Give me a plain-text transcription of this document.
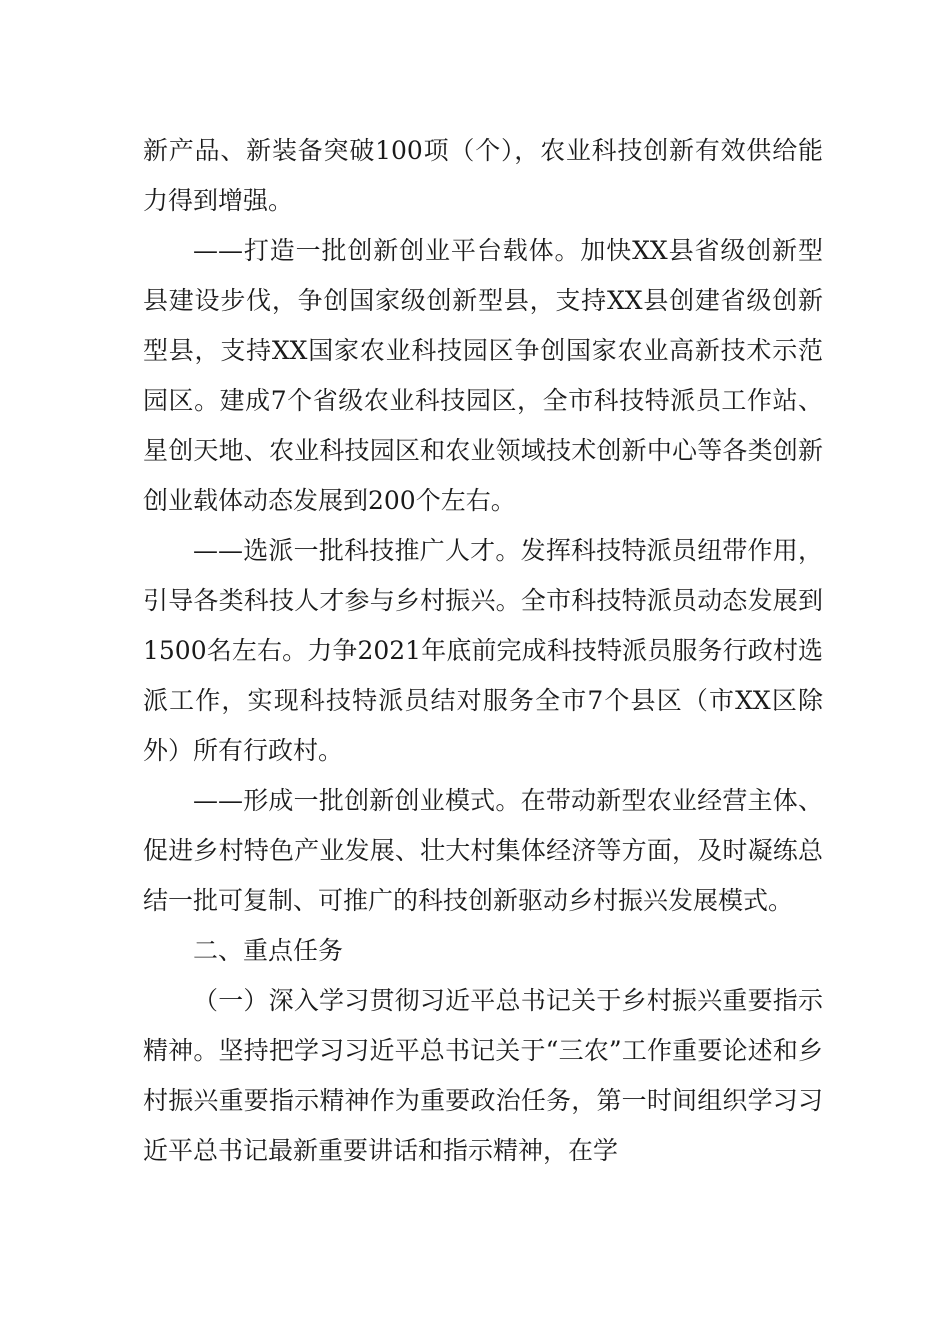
新产品、新装备突破100项（个），农业科技创新有效供给能力得到增强。

——打造一批创新创业平台载体。加快XX县省级创新型县建设步伐，争创国家级创新型县，支持XX县创建省级创新型县，支持XX国家农业科技园区争创国家农业高新技术示范园区。建成7个省级农业科技园区，全市科技特派员工作站、星创天地、农业科技园区和农业领域技术创新中心等各类创新创业载体动态发展到200个左右。

——选派一批科技推广人才。发挥科技特派员纽带作用，引导各类科技人才参与乡村振兴。全市科技特派员动态发展到1500名左右。力争2021年底前完成科技特派员服务行政村选派工作，实现科技特派员结对服务全市7个县区（市XX区除外）所有行政村。

——形成一批创新创业模式。在带动新型农业经营主体、促进乡村特色产业发展、壮大村集体经济等方面，及时凝练总结一批可复制、可推广的科技创新驱动乡村振兴发展模式。

二、重点任务

（一）深入学习贯彻习近平总书记关于乡村振兴重要指示精神。坚持把学习习近平总书记关于“三农”工作重要论述和乡村振兴重要指示精神作为重要政治任务，第一时间组织学习习近平总书记最新重要讲话和指示精神，在学
